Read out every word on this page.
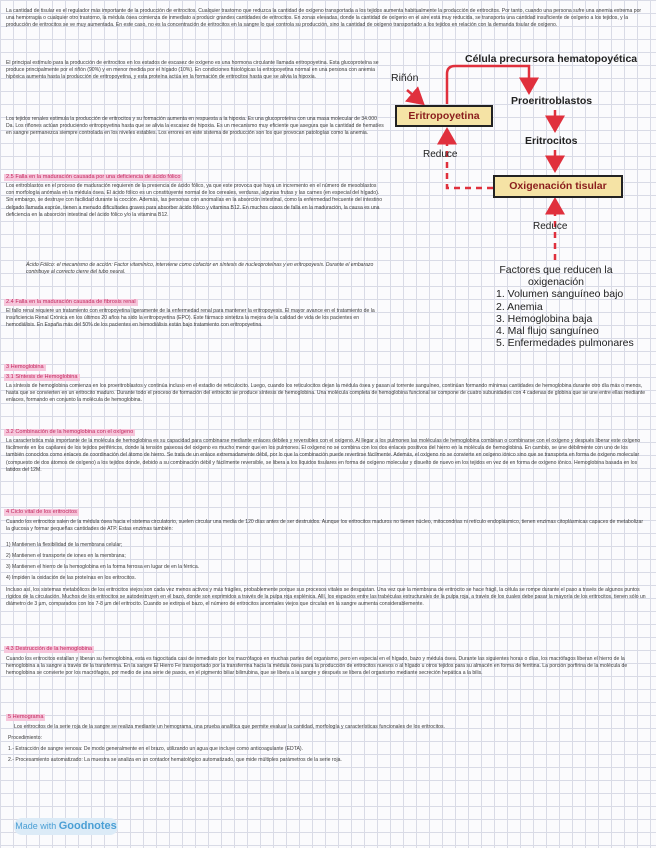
La cantidad de tisular es el regulador más importante de la producción de eritrocitos. Cualquier trastorno que reduzca la cantidad de oxígeno transportada a los tejidos aumenta habitualmente la producción de eritrocitos. Por tanto, cuando una persona sufre una anemia extrema por una hemorragia o cualquier otro trastorno, la médula ósea comienza de inmediato a producir grandes cantidades de eritrocitos. En zonas elevadas, donde la cantidad de oxígeno en el aire está muy reducida, se transporta una cantidad insuficiente de oxígeno a los tejidos, y la producción de eritrocitos se ve muy aumentada. En este caso, no es la concentración de eritrocitos en la sangre lo que controla su producción, sino la cantidad de oxígeno transportado a los tejidos en relación con la demanda tisular de oxígeno.
El principal estímulo para la producción de eritrocitos en los estados de escasez de oxígeno es una hormona circulante llamada eritropoyetina. Esta glucoproteína se produce principalmente por el riñón (90%) y en menor medida por el hígado (10%). En condiciones fisiológicas la eritropoyetina normal en una persona con anemia hipóxica aumenta hasta la producción de eritropoyetina, y esta proteína actúa en la formación de eritrocitos hasta que se alivia la hipoxia.
Los tejidos renales estimula la producción de eritrocitos y su formación aumenta en respuesta a la hipoxia. Es una glucoproteína con una masa molecular de 34.000 Da. Los riñones actúan produciendo eritropoyetina hasta que se alivia la escasez de hipoxia. Es un mecanismo muy eficiente que asegura que la cantidad de hematíes en sangre permanezca siempre controlada en los niveles estables. Los errores en este sistema de producción son los que provocan patologías como la anemia.
Célula precursora hematopoyética
Riñón
Eritropoyetina
Proeritroblastos
Eritrocitos
Reduce
Oxigenación tisular
Reduce
Factores que reducen la oxigenación
1. Volumen sanguíneo bajo
2. Anemia
3. Hemoglobina baja
4. Mal flujo sanguíneo
5. Enfermedades pulmonares
2.5 Falla en la maduración causada por una deficiencia de ácido fólico
Los eritroblastos en el proceso de maduración requieren de la presencia de ácido fólico, ya que este provoca que haya un incremento en el número de mesoblastos con morfología anómala en la médula ósea. El ácido fólico es un constituyente normal de los cereales, verduras, algunas frutas y las carnes (en especial del hígado). Sin embargo, se destruye con facilidad durante la cocción. Además, las personas con anomalías en la absorción intestinal, como la enfermedad frecuente del intestino delgado llamada esprúe, tienen a menudo dificultades graves para absorber ácido fólico y vitamina B12. En muchos casos de falla en la maduración, la causa es una deficiencia en la absorción intestinal del ácido fólico y/o la vitamina B12.
Ácido Fólico: el mecanismo de acción: Factor vitamínico, interviene como cofactor en síntesis de nucleoproteínas y en eritropoyesis. Durante el embarazo contribuye al correcto cierre del tubo neural.
2.4 Falla en la maduración causada de fibrosis renal
El fallo renal requiere un tratamiento con eritropoyetina ligeramente de la enfermedad renal para mantener la eritropoyesis. El mayor avance en el tratamiento de la insuficiencia Renal Crónica en los últimos 20 años ha sido la eritropoyetina (EPO). Este fármaco sintetiza la mejora de la calidad de vida de los pacientes en hemodiálisis. En España más del 50% de los pacientes en hemodiálisis están bajo tratamiento con eritropoyetina.
3 Hemoglobina
3.1 Síntesis de Hemoglobina
La síntesis de hemoglobina comienza en los proeritroblastos y continúa incluso en el estadio de reticulocito. Luego, cuando los reticulocitos dejan la médula ósea y pasan al torrente sanguíneo, continúan formando mínimas cantidades de hemoglobina durante otro día más o menos, hasta que se convierten en un eritrocito maduro. Durante todo el proceso de formación del eritrocito se produce síntesis de hemoglobina. Una molécula completa de hemoglobina funcional se compone de cuatro subunidades con 4 cadenas de globina que se une entre ellas mediante enlaces, formando en conjunto la molécula de hemoglobina.
3.2 Combinación de la hemoglobina con el oxígeno
La característica más importante de la molécula de hemoglobina es su capacidad para combinarse mediante enlaces débiles y reversibles con el oxígeno. Al llegar a los pulmones las moléculas de hemoglobina combinan o combinarse con el oxígeno y después liberar este oxígeno fácilmente en los capilares de los tejidos periféricos, donde la tensión gaseosa del oxígeno es mucho menor que en los pulmones. El oxígeno no se combina con los dos enlaces positivos del hierro en la molécula de hemoglobina. En cambio, se une débilmente con uno de los también conocidos como enlaces de coordinación del átomo de hierro. Se trata de un enlace extremadamente débil, por lo que la combinación puede revertirse fácilmente. Además, el oxígeno no se convierte en oxígeno iónico sino que se transporta en forma de oxígeno molecular (compuesto de dos átomos de oxígeno) a los tejidos donde, debido a su combinación débil y fácilmente reversible, se libera a los líquidos tisulares en forma de oxígeno molecular y disuelto de nuevo en los tejidos en vez de en forma de oxígeno iónico. Hemoglobina basada en los latidos del 12M.
4 Ciclo vital de los eritrocitos
Cuando los eritrocitos salen de la médula ósea hacia el sistema circulatorio, suelen circular una media de 120 días antes de ser destruidos. Aunque los eritrocitos maduros no tienen núcleo, mitocondrias ni retículo endoplásmico, tienen enzimas citoplásmicas capaces de metabolizar la glucosa y formar pequeñas cantidades de ATP. Estas enzimas también:
1) Mantienen la flexibilidad de la membrana celular;
2) Mantienen el transporte de iones en la membrana;
3) Mantienen el hierro de la hemoglobina en la forma ferrosa en lugar de en la férrica.
4) Impiden la oxidación de las proteínas en los eritrocitos.
Incluso así, los sistemas metabólicos de los eritrocitos viejos son cada vez menos activos y más frágiles, probablemente porque sus procesos vitales se desgastan. Una vez que la membrana de eritrocito se hace frágil, la célula se rompe durante el paso a través de algunos puntos rígidos de la circulación. Muchos de los eritrocitos se autodestruyen en el bazo, donde son exprimidos a través de la pulpa roja esplénica. Allí, los espacios entre las trabéculas estructurales de la pulpa roja, a través de los cuales debe pasar la mayoría de los eritrocitos, tienen sólo un diámetro de 3 µm, comparados con los 7-8 µm del eritrocito. Cuando se extirpa el bazo, el número de eritrocitos anormales viejos que circulan en la sangre aumenta considerablemente.
4.3 Destrucción de la hemoglobina
Cuando los eritrocitos estallan y liberan su hemoglobina, esta es fagocitada casi de inmediato por los macrófagos en muchas partes del organismo, pero en especial en el hígado, bazo y médula ósea. Durante las siguientes horas o días, los macrófagos liberan el hierro de la hemoglobina a la sangre a través de la transferrina. En la sangre El Hierro Fe transportado por la transferrina hacia la médula ósea para la producción de eritrocitos nuevos o al hígado u otros tejidos para su almacén en forma de ferritina. La porción porfirina de la molécula de hemoglobina se convierte por los macrófagos, por medio de una serie de pasos, en el pigmento biliar bilirrubina, que se libera a la sangre y después se libera del organismo mediante secreción hepática a la bilis.
5 Hemograma
Los eritrocitos de la serie roja de la sangre se realiza mediante un hemograma, una prueba analítica que permite evaluar la cantidad, morfología y características funcionales de los eritrocitos.
Procedimiento:
1.- Extracción de sangre venosa: De modo generalmente en el brazo, utilizando un agua que incluye como anticoagulante (EDTA).
2.- Procesamiento automatizado: La muestra se analiza en un contador hematológico automatizado, que mide múltiples parámetros de la serie roja.
Made with Goodnotes
